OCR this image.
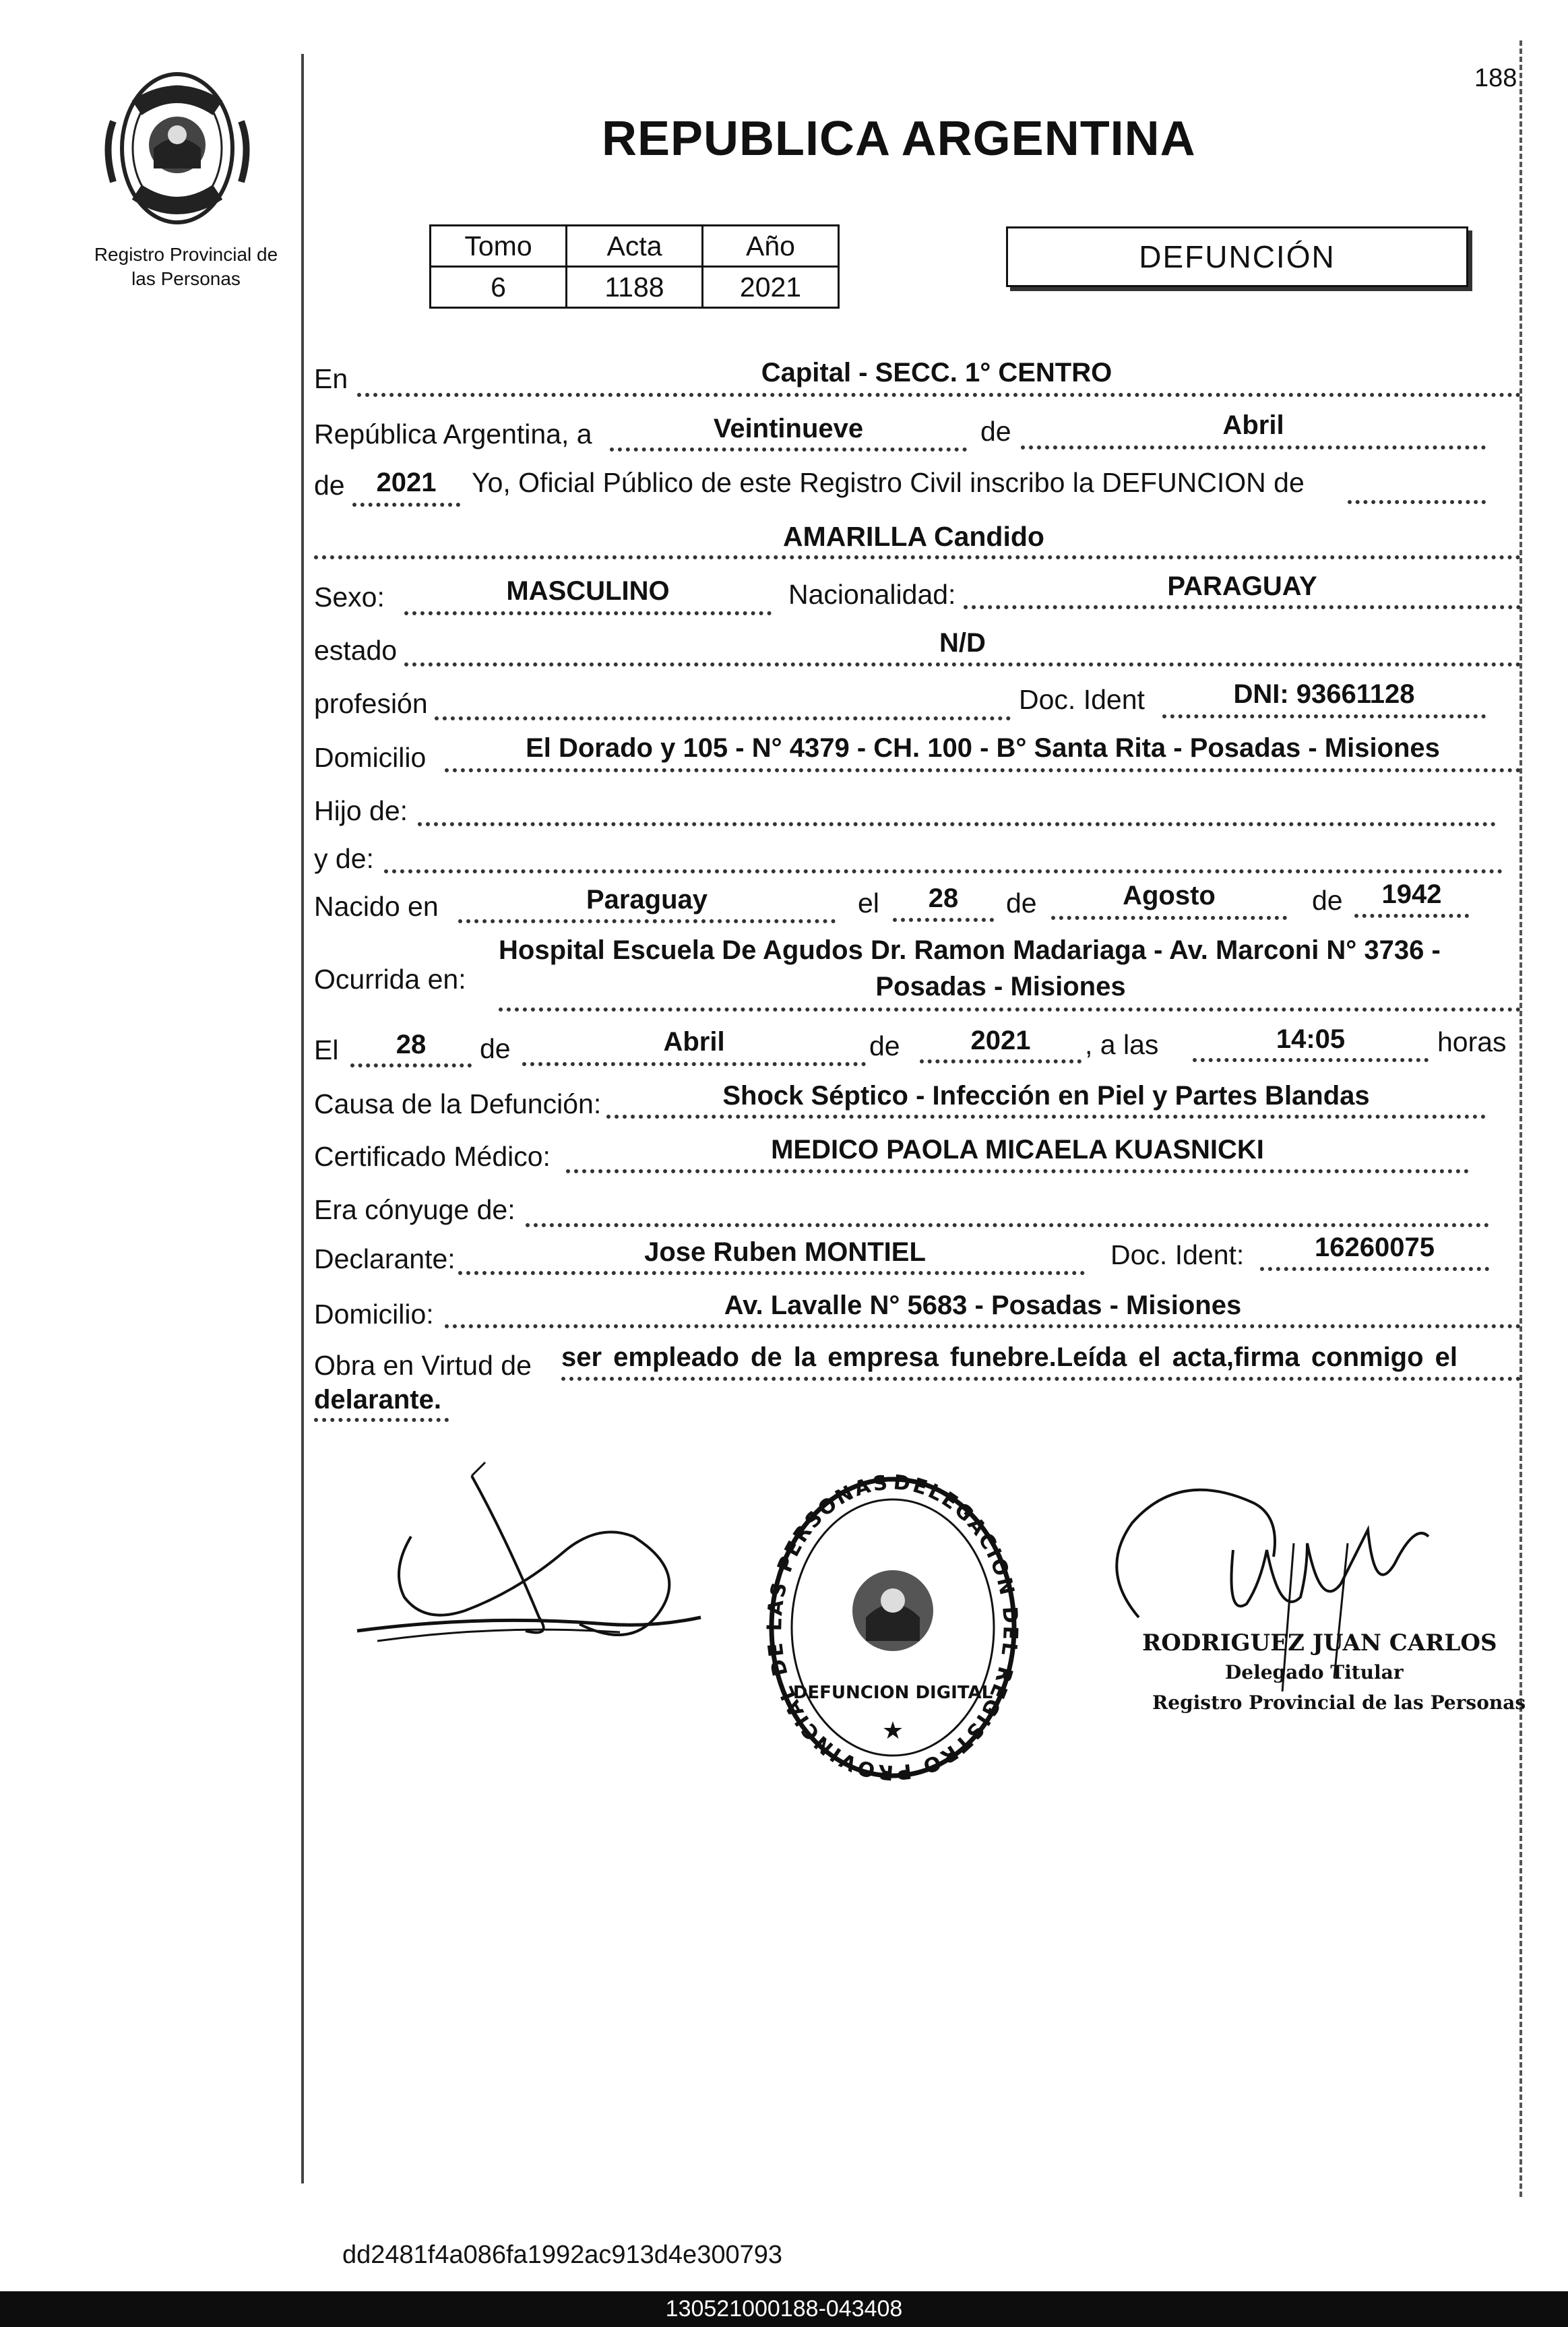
188
Registro Provincial de
las Personas
REPUBLICA ARGENTINA
Tomo	Acta	Año
6	1188	2021
DEFUNCIÓN
En	Capital - SECC. 1° CENTRO
República Argentina, a	Veintinueve	de	Abril
de	2021	Yo, Oficial Público de este Registro Civil inscribo la DEFUNCION de
AMARILLA Candido
Sexo:	MASCULINO	Nacionalidad:	PARAGUAY
estado	N/D
profesión	Doc. Ident	DNI: 93661128
Domicilio	El Dorado y 105 - N° 4379 - CH. 100 - B° Santa Rita - Posadas - Misiones
Hijo de:
y de:
Nacido en	Paraguay	el	28	de	Agosto	de	1942
Ocurrida en:
Hospital Escuela De Agudos Dr. Ramon Madariaga - Av. Marconi N° 3736 -
Posadas - Misiones
El	28	de	Abril	de	2021	, a las	14:05	horas
Causa de la Defunción:	Shock Séptico - Infección en Piel y Partes Blandas
Certificado Médico:	MEDICO PAOLA MICAELA KUASNICKI
Era cónyuge de:
Declarante:	Jose Ruben MONTIEL	Doc. Ident:	16260075
Domicilio:	Av. Lavalle N° 5683 - Posadas - Misiones
Obra en Virtud de ser empleado de la empresa funebre.Leída el acta,firma conmigo el
delarante.
DELEGACION DEL REGISTRO PROVINCIAL DE LAS PERSONAS
DEFUNCION DIGITAL
★
RODRIGUEZ JUAN CARLOS
Delegado Titular
Registro Provincial de las Personas
dd2481f4a086fa1992ac913d4e300793
130521000188-043408
